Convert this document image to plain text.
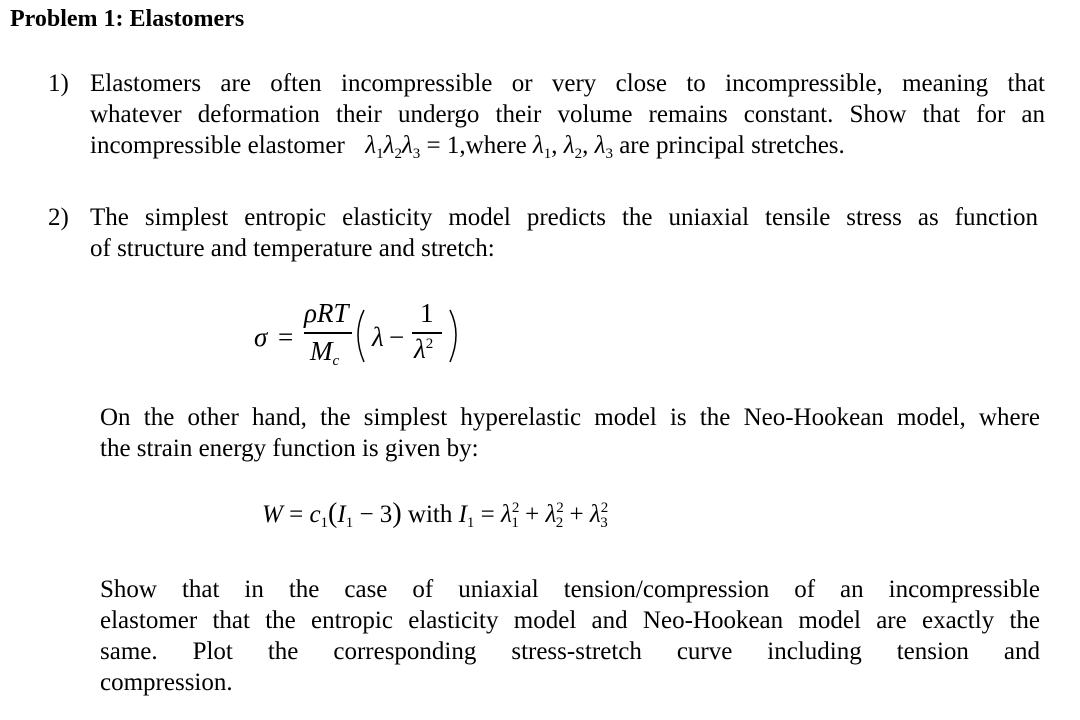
Problem 1: Elastomers
1) Elastomers are often incompressible or very close to incompressible, meaning that
whatever deformation their undergo their volume remains constant. Show that for an
incompressible elastomer $\lambda_1\lambda_2\lambda_3$ = 1,where $\lambda_1$, $\lambda_2$, $\lambda_3$ are principal stretches.
2) The simplest entropic elasticity model predicts the uniaxial tensile stress as function
of structure and temperature and stretch:
σ =
ρRT
$M_c$
λ −
1
$\lambda^2$
On the other hand, the simplest hyperelastic model is the Neo-Hookean model, where
the strain energy function is given by:
$W = c_1(I_1 - 3)$ with $I_1 = \lambda^2_1 + \lambda^2_2 + \lambda^2_3$
Show that in the case of uniaxial tension/compression of an incompressible
elastomer that the entropic elasticity model and Neo-Hookean model are exactly the
same. Plot the corresponding stress-stretch curve including tension and
compression.
